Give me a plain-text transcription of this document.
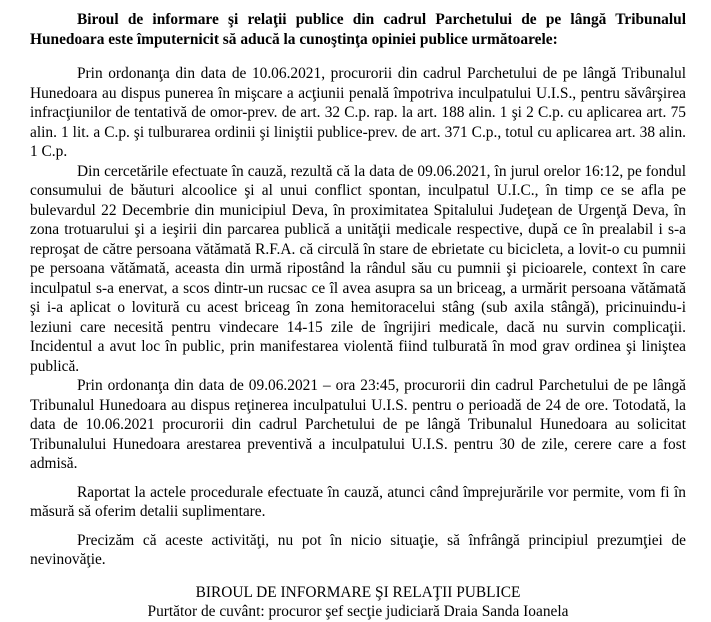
Biroul de informare şi relaţii publice din cadrul Parchetului de pe lângă Tribunalul Hunedoara este împuternicit să aducă la cunoştinţa opiniei publice următoarele:

Prin ordonanţa din data de 10.06.2021, procurorii din cadrul Parchetului de pe lângă Tribunalul Hunedoara au dispus punerea în mişcare a acţiunii penală împotriva inculpatului U.I.S., pentru săvârşirea infracţiunilor de tentativă de omor-prev. de art. 32 C.p. rap. la art. 188 alin. 1 şi 2 C.p. cu aplicarea art. 75 alin. 1 lit. a C.p. şi tulburarea ordinii şi liniştii publice-prev. de art. 371 C.p., totul cu aplicarea art. 38 alin. 1 C.p.

Din cercetările efectuate în cauză, rezultă că la data de 09.06.2021, în jurul orelor 16:12, pe fondul consumului de băuturi alcoolice şi al unui conflict spontan, inculpatul U.I.C., în timp ce se afla pe bulevardul 22 Decembrie din municipiul Deva, în proximitatea Spitalului Judeţean de Urgenţă Deva, în zona trotuarului şi a ieşirii din parcarea publică a unităţii medicale respective, după ce în prealabil i s-a reproşat de către persoana vătămată R.F.A. că circulă în stare de ebrietate cu bicicleta, a lovit-o cu pumnii pe persoana vătămată, aceasta din urmă ripostând la rândul său cu pumnii şi picioarele, context în care inculpatul s-a enervat, a scos dintr-un rucsac ce îl avea asupra sa un briceag, a urmărit persoana vătămată şi i-a aplicat o lovitură cu acest briceag în zona hemitoracelui stâng (sub axila stângă), pricinuindu-i leziuni care necesită pentru vindecare 14-15 zile de îngrijiri medicale, dacă nu survin complicaţii. Incidentul a avut loc în public, prin manifestarea violentă fiind tulburată în mod grav ordinea şi liniştea publică.

Prin ordonanţa din data de 09.06.2021 – ora 23:45, procurorii din cadrul Parchetului de pe lângă Tribunalul Hunedoara au dispus reţinerea inculpatului U.I.S. pentru o perioadă de 24 de ore. Totodată, la data de 10.06.2021 procurorii din cadrul Parchetului de pe lângă Tribunalul Hunedoara au solicitat Tribunalului Hunedoara arestarea preventivă a inculpatului U.I.S. pentru 30 de zile, cerere care a fost admisă.

Raportat la actele procedurale efectuate în cauză, atunci când împrejurările vor permite, vom fi în măsură să oferim detalii suplimentare.

Precizăm că aceste activităţi, nu pot în nicio situaţie, să înfrângă principiul prezumţiei de nevinovăţie.

BIROUL DE INFORMARE ŞI RELAŢII PUBLICE
Purtător de cuvânt: procuror şef secţie judiciară Draia Sanda Ioanela
